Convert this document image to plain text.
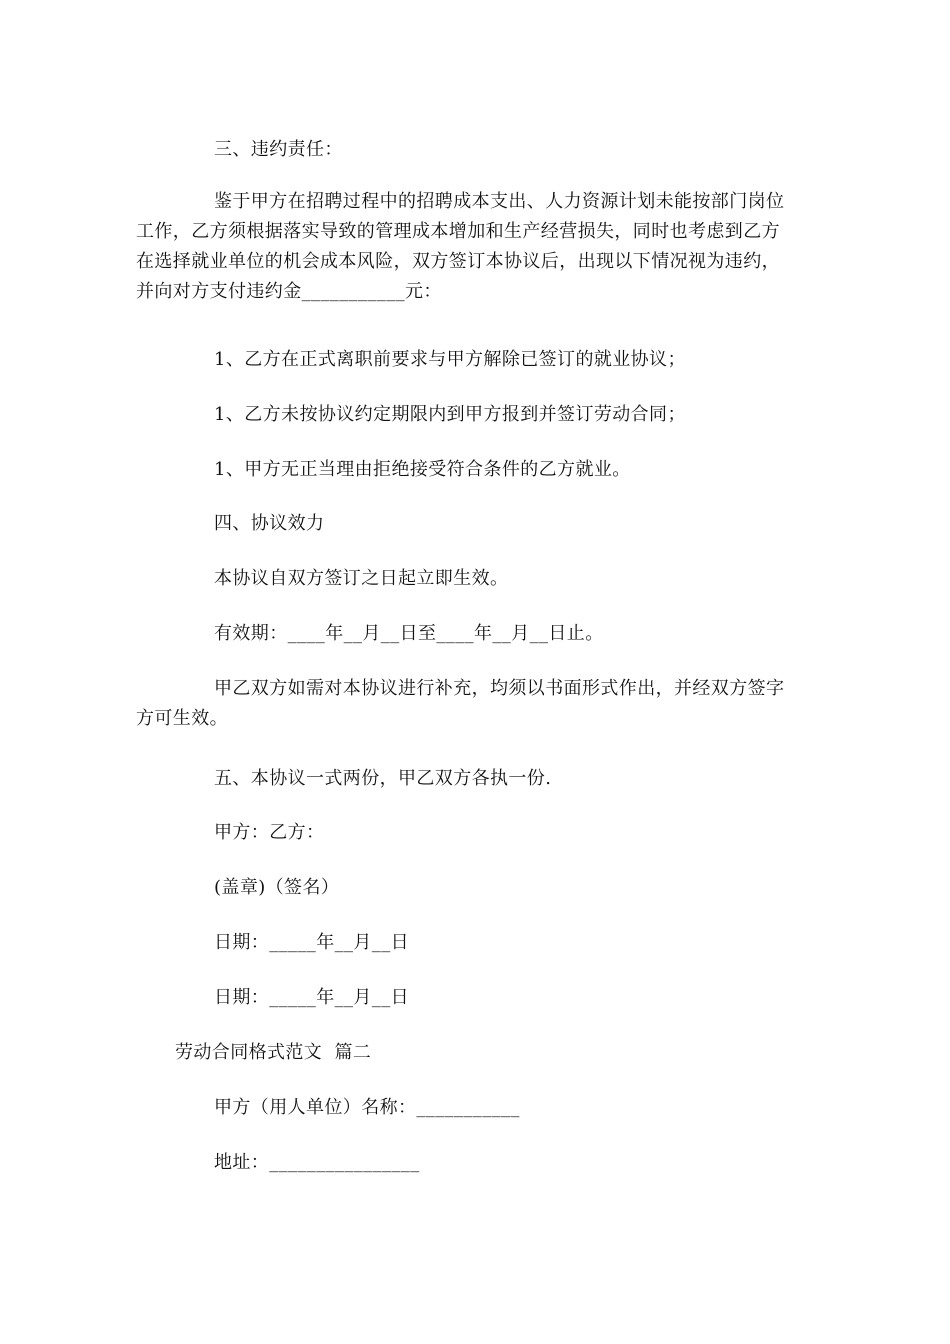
三、违约责任：
鉴于甲方在招聘过程中的招聘成本支出、人力资源计划未能按部门岗位
工作，乙方须根据落实导致的管理成本增加和生产经营损失，同时也考虑到乙方
在选择就业单位的机会成本风险，双方签订本协议后，出现以下情况视为违约，
并向对方支付违约金___________元：
1、乙方在正式离职前要求与甲方解除已签订的就业协议；
1、乙方未按协议约定期限内到甲方报到并签订劳动合同；
1、甲方无正当理由拒绝接受符合条件的乙方就业。
四、协议效力
本协议自双方签订之日起立即生效。
有效期：____年__月__日至____年__月__日止。
甲乙双方如需对本协议进行补充，均须以书面形式作出，并经双方签字
方可生效。
五、本协议一式两份，甲乙双方各执一份.
甲方：乙方：
(盖章)（签名）
日期：_____年__月__日
日期：_____年__月__日
劳动合同格式范文  篇二
甲方（用人单位）名称：___________
地址：________________
